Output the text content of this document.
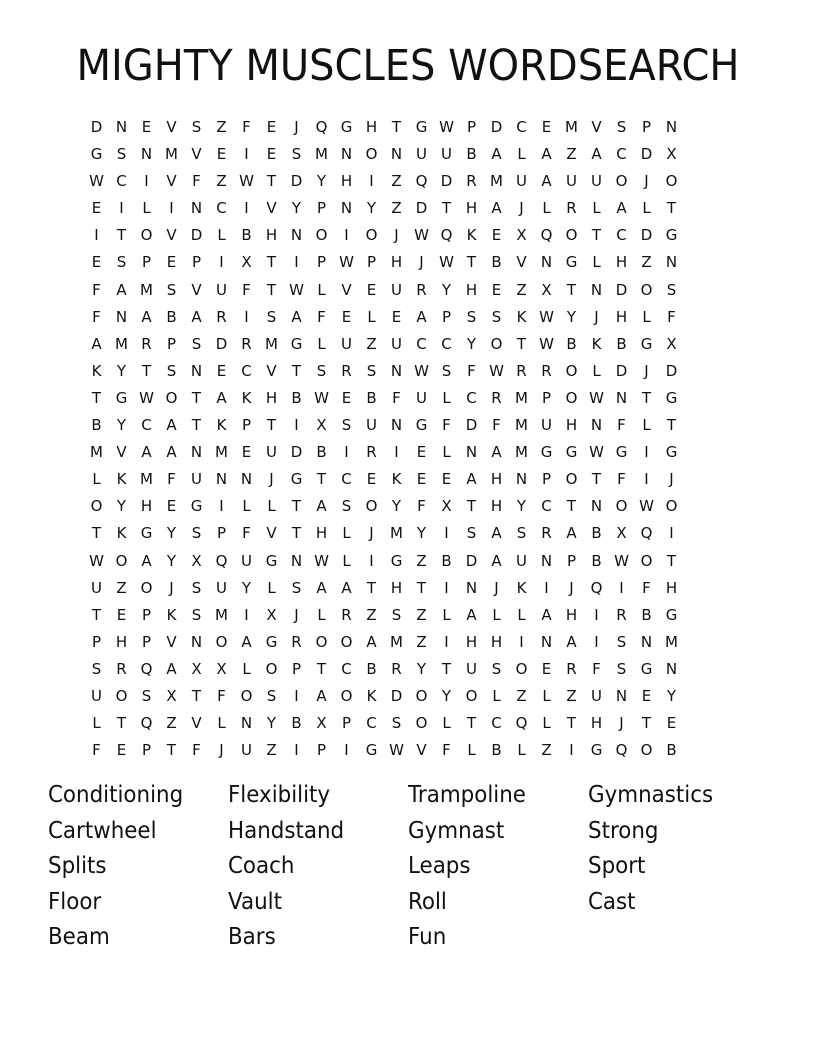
MIGHTY MUSCLES WORDSEARCH
D N E	V	S	Z	F	E	J	Q G H T G W P D C	E M V	S	P N
G S N M V	E	I	E	S M N O N U U B A	L	A Z A C D X
W C	I	V	F	Z W T D Y H	I	Z Q D R M U A U U O	J	O
E	I	L	I	N C	I	V	Y	P N Y	Z D T H A	J	L	R	L	A	L	T
I	T O V D	L	B H N O	I	O	J	W Q K	E	X Q O T	C D G
E	S	P	E	P	I	X	T	I	P W P H	J	W T	B V N G	L	H Z N
F	A M S	V U	F	T W L	V	E U R	Y H E	Z X	T N D O S
F	N A B A R	I	S	A	F	E	L	E	A	P	S	S	K W Y	J	H	L	F
A M R	P	S D R M G	L	U Z U C C	Y O T W B K B G X
K	Y	T	S N E	C V	T	S	R	S N W S	F W R R O L	D	J	D
T G W O T	A K H B W E	B	F	U	L	C R M P O W N T G
B	Y	C A	T	K	P	T	I	X	S U N G F D F M U H N	F	L	T
M V A A N M E U D B	I	R	I	E	L	N A M G G W G	I	G
L	K M F	U N N	J	G T	C	E	K	E	E	A H N P O T	F	I	J
O Y H E G	I	L	L	T	A	S O Y	F	X	T H Y	C	T N O W O
T	K G Y	S	P	F	V	T H	L	J	M Y	I	S	A	S	R A B X Q	I
W O A	Y	X Q U G N W L	I	G Z B D A U N P	B W O T
U Z O	J	S U Y	L	S	A A	T H T	I	N	J	K	I	J	Q	I	F	H
T	E	P	K	S M	I	X	J	L	R Z	S	Z	L	A	L	L	A H	I	R B G
P H P	V N O A G R O O A M Z	I	H H	I	N A	I	S N M
S	R Q A X X	L O P	T	C B R	Y	T U S O E	R	F	S G N
U O S	X	T	F O S	I	A O K D O Y O L	Z	L	Z U N E	Y
L	T Q Z V	L	N Y	B X	P	C	S O L	T	C Q L	T H	J	T	E
F	E	P	T	F	J	U Z	I	P	I	G W V	F	L	B	L	Z	I	G Q O B
Conditioning	Flexibility	Trampoline	Gymnastics
Cartwheel	Handstand	Gymnast	Strong
Splits	Coach	Leaps	Sport
Floor	Vault	Roll	Cast
Beam	Bars	Fun
